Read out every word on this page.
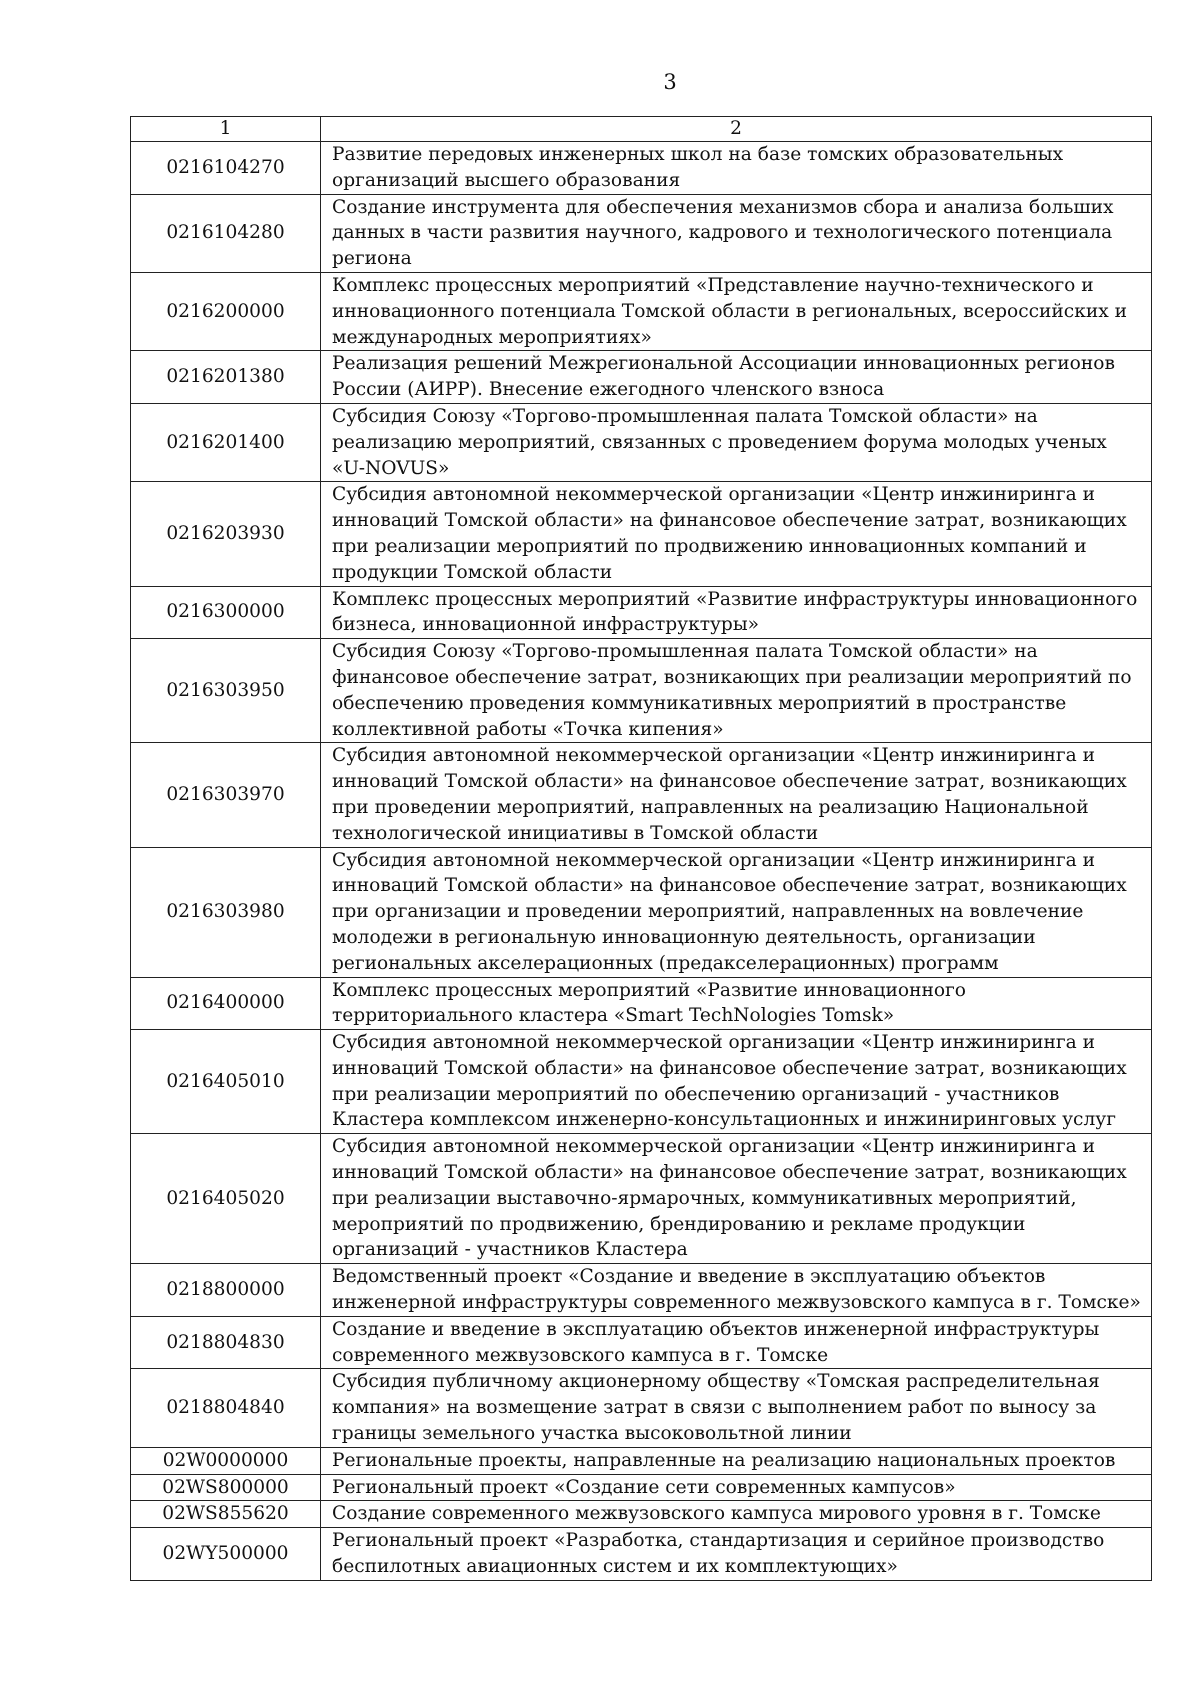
3
1	2
0216104270	Развитие передовых инженерных школ на базе томских образовательных организаций высшего образования
0216104280	Создание инструмента для обеспечения механизмов сбора и анализа больших данных в части развития научного, кадрового и технологического потенциала региона
0216200000	Комплекс процессных мероприятий «Представление научно-технического и инновационного потенциала Томской области в региональных, всероссийских и международных мероприятиях»
0216201380	Реализация решений Межрегиональной Ассоциации инновационных регионов России (АИРР). Внесение ежегодного членского взноса
0216201400	Субсидия Союзу «Торгово-промышленная палата Томской области» на реализацию мероприятий, связанных с проведением форума молодых ученых «U-NOVUS»
0216203930	Субсидия автономной некоммерческой организации «Центр инжиниринга и инноваций Томской области» на финансовое обеспечение затрат, возникающих при реализации мероприятий по продвижению инновационных компаний и продукции Томской области
0216300000	Комплекс процессных мероприятий «Развитие инфраструктуры инновационного бизнеса, инновационной инфраструктуры»
0216303950	Субсидия Союзу «Торгово-промышленная палата Томской области» на финансовое обеспечение затрат, возникающих при реализации мероприятий по обеспечению проведения коммуникативных мероприятий в пространстве коллективной работы «Точка кипения»
0216303970	Субсидия автономной некоммерческой организации «Центр инжиниринга и инноваций Томской области» на финансовое обеспечение затрат, возникающих при проведении мероприятий, направленных на реализацию Национальной технологической инициативы в Томской области
0216303980	Субсидия автономной некоммерческой организации «Центр инжиниринга и инноваций Томской области» на финансовое обеспечение затрат, возникающих при организации и проведении мероприятий, направленных на вовлечение молодежи в региональную инновационную деятельность, организации региональных акселерационных (предакселерационных) программ
0216400000	Комплекс процессных мероприятий «Развитие инновационного территориального кластера «Smart TechNologies Tomsk»
0216405010	Субсидия автономной некоммерческой организации «Центр инжиниринга и инноваций Томской области» на финансовое обеспечение затрат, возникающих при реализации мероприятий по обеспечению организаций - участников Кластера комплексом инженерно-консультационных и инжиниринговых услуг
0216405020	Субсидия автономной некоммерческой организации «Центр инжиниринга и инноваций Томской области» на финансовое обеспечение затрат, возникающих при реализации выставочно-ярмарочных, коммуникативных мероприятий, мероприятий по продвижению, брендированию и рекламе продукции организаций - участников Кластера
0218800000	Ведомственный проект «Создание и введение в эксплуатацию объектов инженерной инфраструктуры современного межвузовского кампуса в г. Томске»
0218804830	Создание и введение в эксплуатацию объектов инженерной инфраструктуры современного межвузовского кампуса в г. Томске
0218804840	Субсидия публичному акционерному обществу «Томская распределительная компания» на возмещение затрат в связи с выполнением работ по выносу за границы земельного участка высоковольтной линии
02W0000000	Региональные проекты, направленные на реализацию национальных проектов
02WS800000	Региональный проект «Создание сети современных кампусов»
02WS855620	Создание современного межвузовского кампуса мирового уровня в г. Томске
02WY500000	Региональный проект «Разработка, стандартизация и серийное производство беспилотных авиационных систем и их комплектующих»
